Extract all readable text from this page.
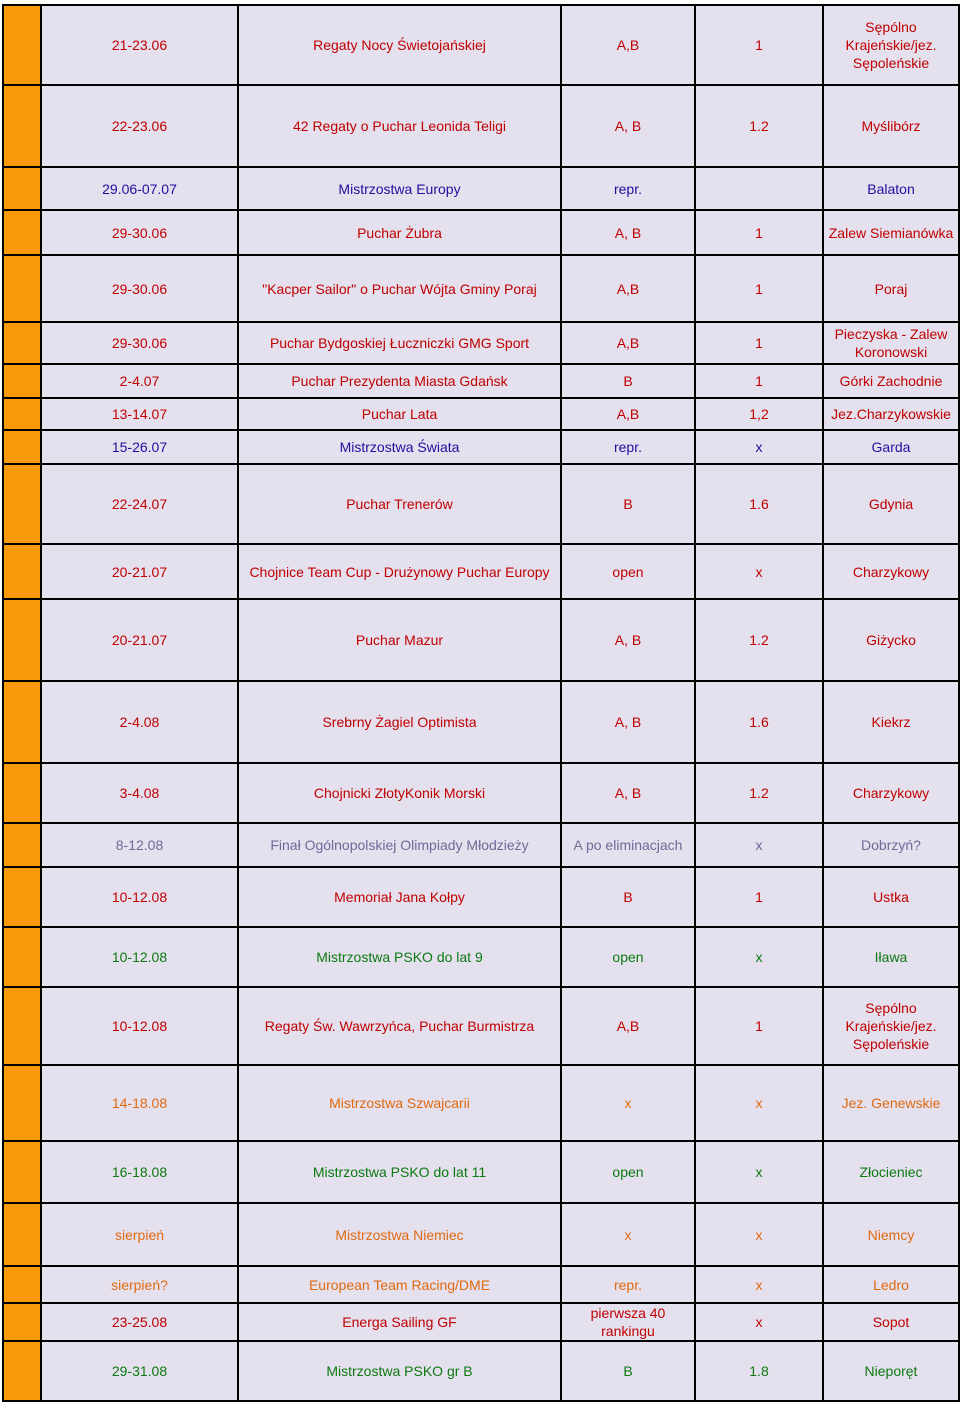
	21-23.06	Regaty Nocy Świetojańskiej	A,B	1	Sępólno
Krajeńskie/jez.
Sępoleńskie
	22-23.06	42 Regaty o Puchar Leonida Teligi	A, B	1.2	Myślibórz
	29.06-07.07	Mistrzostwa Europy	repr.		Balaton
	29-30.06	Puchar Żubra	A, B	1	Zalew Siemianówka
	29-30.06	"Kacper Sailor" o Puchar Wójta Gminy Poraj	A,B	1	Poraj
	29-30.06	Puchar Bydgoskiej Łuczniczki GMG Sport	A,B	1	Pieczyska - Zalew
Koronowski
	2-4.07	Puchar Prezydenta Miasta Gdańsk	B	1	Górki Zachodnie
	13-14.07	Puchar Lata	A,B	1,2	Jez.Charzykowskie
	15-26.07	Mistrzostwa Świata	repr.	x	Garda
	22-24.07	Puchar Trenerów	B	1.6	Gdynia
	20-21.07	Chojnice Team Cup - Drużynowy Puchar Europy	open	x	Charzykowy
	20-21.07	Puchar Mazur	A, B	1.2	Giżycko
	2-4.08	Srebrny Żagiel Optimista	A, B	1.6	Kiekrz
	3-4.08	Chojnicki ZłotyKonik Morski	A, B	1.2	Charzykowy
	8-12.08	Finał Ogólnopolskiej Olimpiady Młodzieży	A po eliminacjach	x	Dobrzyń?
	10-12.08	Memoriał Jana Kołpy	B	1	Ustka
	10-12.08	Mistrzostwa PSKO do lat 9	open	x	Iława
	10-12.08	Regaty Św. Wawrzyńca, Puchar Burmistrza	A,B	1	Sępólno
Krajeńskie/jez.
Sępoleńskie
	14-18.08	Mistrzostwa Szwajcarii	x	x	Jez. Genewskie
	16-18.08	Mistrzostwa PSKO do lat 11	open	x	Złocieniec
	sierpień	Mistrzostwa Niemiec	x	x	Niemcy
	sierpień?	European Team Racing/DME	repr.	x	Ledro
	23-25.08	Energa Sailing GF	pierwsza 40
rankingu	x	Sopot
	29-31.08	Mistrzostwa PSKO gr B	B	1.8	Nieporęt
